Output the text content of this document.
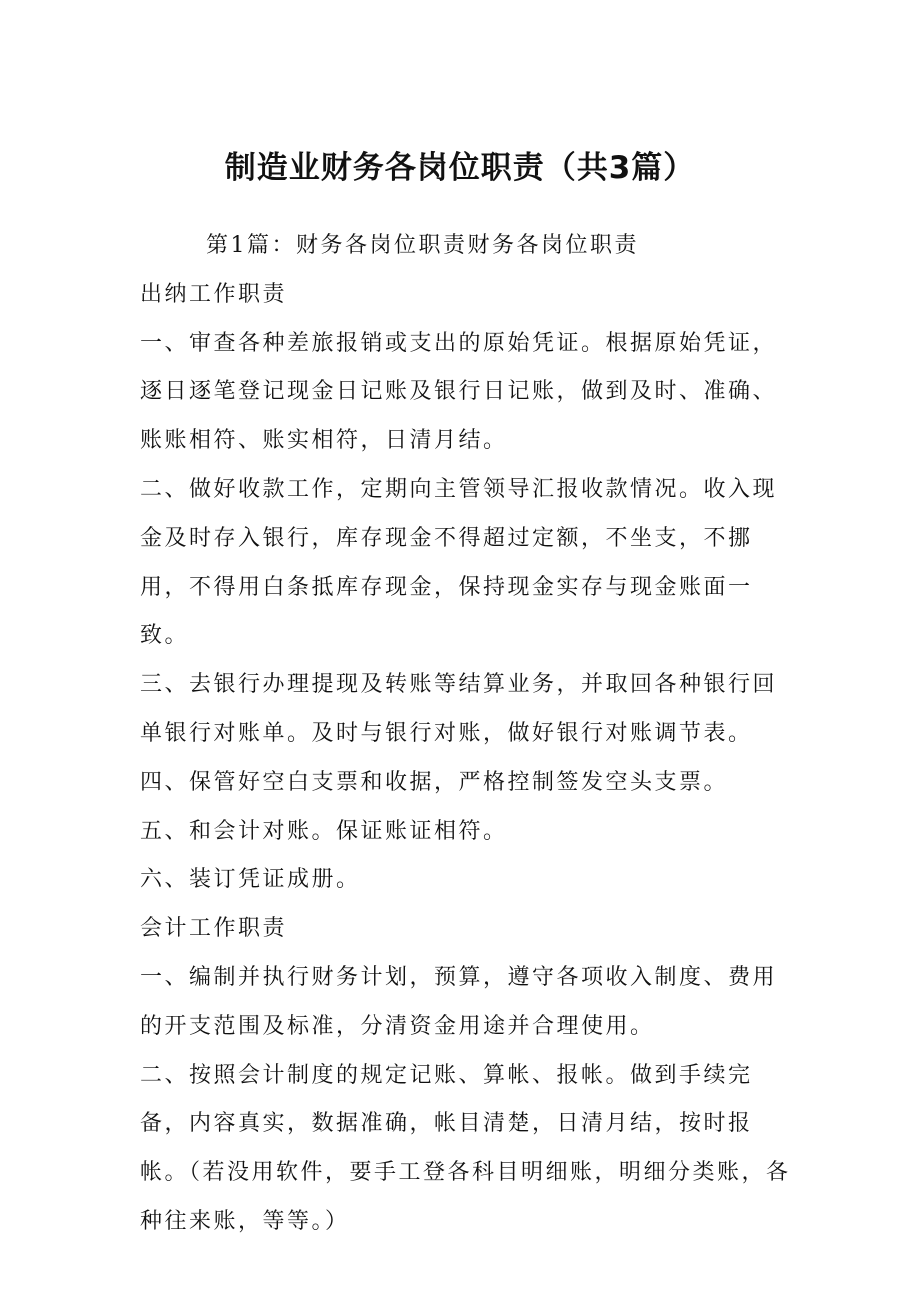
制造业财务各岗位职责（共3篇）

第1篇：财务各岗位职责财务各岗位职责

出纳工作职责

一、审查各种差旅报销或支出的原始凭证。根据原始凭证，逐日逐笔登记现金日记账及银行日记账，做到及时、准确、账账相符、账实相符，日清月结。

二、做好收款工作，定期向主管领导汇报收款情况。收入现金及时存入银行，库存现金不得超过定额，不坐支，不挪用，不得用白条抵库存现金，保持现金实存与现金账面一致。

三、去银行办理提现及转账等结算业务，并取回各种银行回单银行对账单。及时与银行对账，做好银行对账调节表。

四、保管好空白支票和收据，严格控制签发空头支票。

五、和会计对账。保证账证相符。

六、装订凭证成册。

会计工作职责

一、编制并执行财务计划，预算，遵守各项收入制度、费用的开支范围及标准，分清资金用途并合理使用。

二、按照会计制度的规定记账、算帐、报帐。做到手续完备，内容真实，数据准确，帐目清楚，日清月结，按时报帐。（若没用软件，要手工登各科目明细账，明细分类账，各种往来账，等等。）
